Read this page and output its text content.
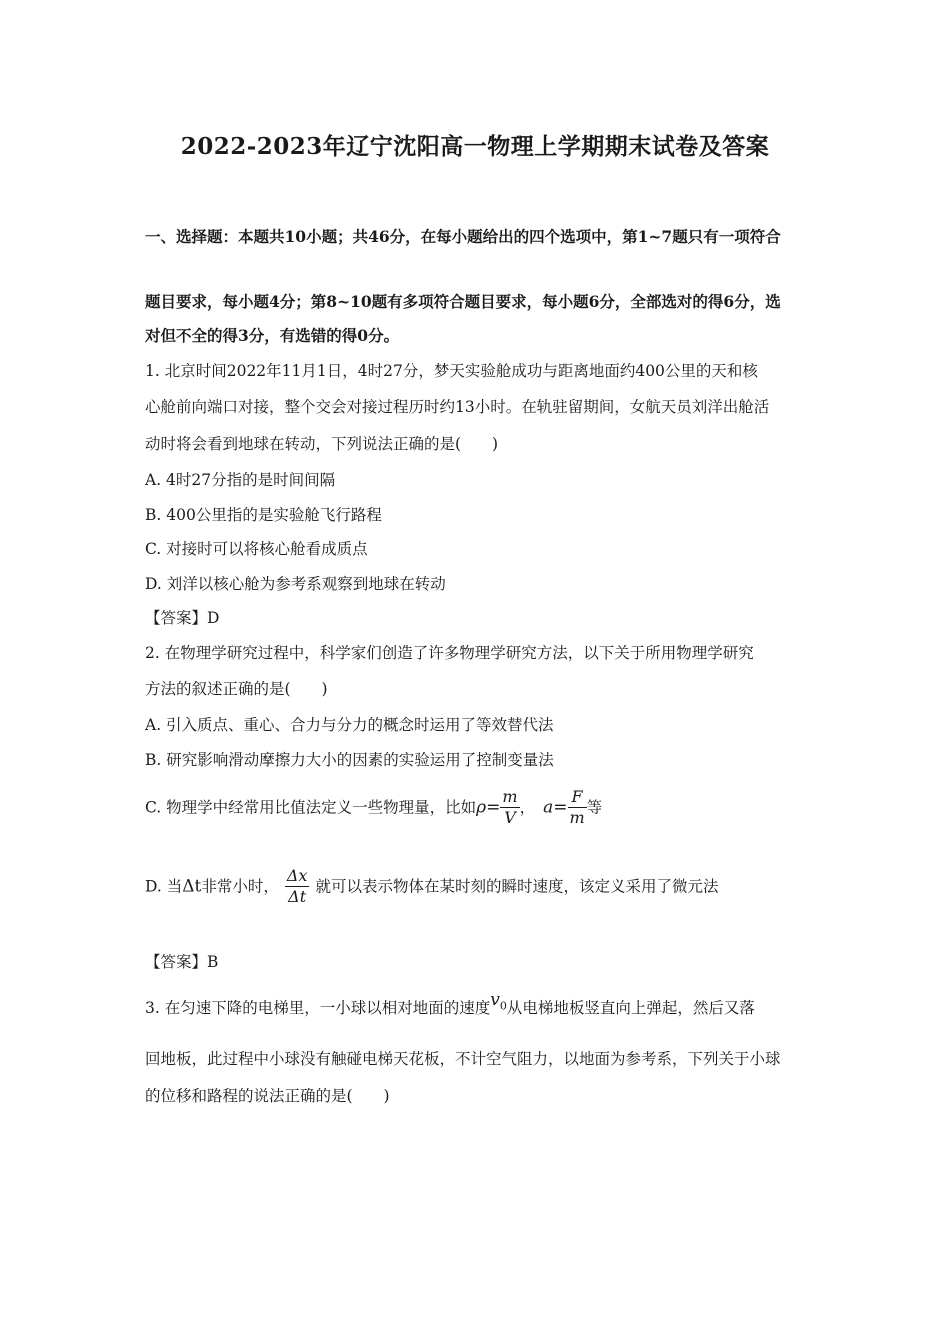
2022-2023年辽宁沈阳高一物理上学期期末试卷及答案
一、选择题：本题共10小题；共46分，在每小题给出的四个选项中，第1~7题只有一项符合
题目要求，每小题4分；第8~10题有多项符合题目要求，每小题6分，全部选对的得6分，选
对但不全的得3分，有选错的得0分。
1. 北京时间2022年11月1日，4时27分，梦天实验舱成功与距离地面约400公里的天和核
心舱前向端口对接，整个交会对接过程历时约13小时。在轨驻留期间，女航天员刘洋出舱活
动时将会看到地球在转动，下列说法正确的是(　　)
A. 4时27分指的是时间间隔
B. 400公里指的是实验舱飞行路程
C. 对接时可以将核心舱看成质点
D. 刘洋以核心舱为参考系观察到地球在转动
【答案】D
2. 在物理学研究过程中，科学家们创造了许多物理学研究方法，以下关于所用物理学研究
方法的叙述正确的是(　　)
A. 引入质点、重心、合力与分力的概念时运用了等效替代法
B. 研究影响滑动摩擦力大小的因素的实验运用了控制变量法
C. 物理学中经常用比值法定义一些物理量，比如$\rho= \frac{m}{V}$ ， $a= \frac{F}{m}$ 等
D. 当Δt非常小时， $\frac{\Delta x}{\Delta t}$ 就可以表示物体在某时刻的瞬时速度，该定义采用了微元法
【答案】B
3. 在匀速下降的电梯里，一小球以相对地面的速度$v_0$从电梯地板竖直向上弹起，然后又落
回地板，此过程中小球没有触碰电梯天花板，不计空气阻力，以地面为参考系，下列关于小球
的位移和路程的说法正确的是(　　)
